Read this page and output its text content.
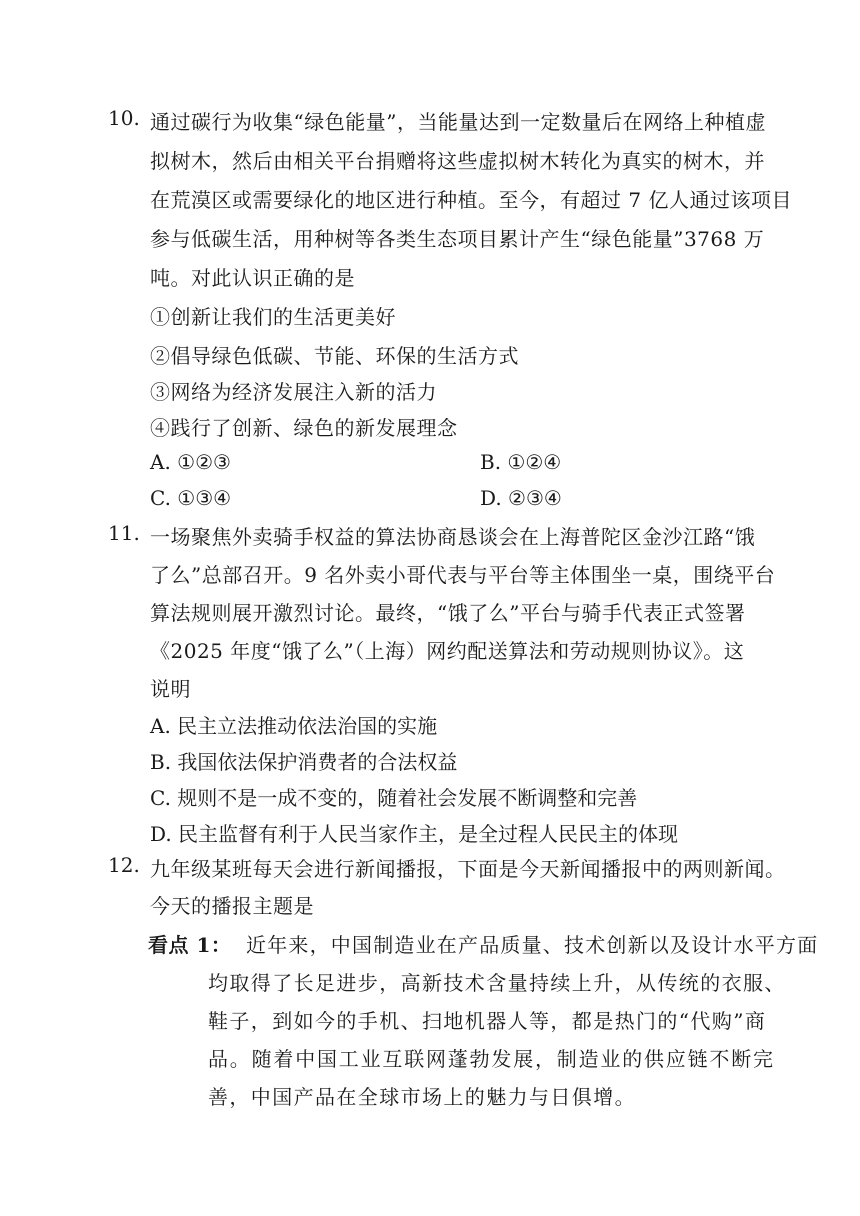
10. 通过碳行为收集“绿色能量”，当能量达到一定数量后在网络上种植虚
拟树木，然后由相关平台捐赠将这些虚拟树木转化为真实的树木，并
在荒漠区或需要绿化的地区进行种植。至今，有超过 7 亿人通过该项目
参与低碳生活，用种树等各类生态项目累计产生“绿色能量”3768 万
吨。对此认识正确的是
①创新让我们的生活更美好
②倡导绿色低碳、节能、环保的生活方式
③网络为经济发展注入新的活力
④践行了创新、绿色的新发展理念
A. ①②③	B. ①②④
C. ①③④	D. ②③④
11. 一场聚焦外卖骑手权益的算法协商恳谈会在上海普陀区金沙江路“饿
了么”总部召开。9 名外卖小哥代表与平台等主体围坐一桌，围绕平台
算法规则展开激烈讨论。最终，“饿了么”平台与骑手代表正式签署
《2025 年度“饿了么”（上海）网约配送算法和劳动规则协议》。这
说明
A. 民主立法推动依法治国的实施
B. 我国依法保护消费者的合法权益
C. 规则不是一成不变的，随着社会发展不断调整和完善
D. 民主监督有利于人民当家作主，是全过程人民民主的体现
12. 九年级某班每天会进行新闻播报，下面是今天新闻播报中的两则新闻。
今天的播报主题是
看点 1： 近年来，中国制造业在产品质量、技术创新以及设计水平方面
均取得了长足进步，高新技术含量持续上升，从传统的衣服、
鞋子，到如今的手机、扫地机器人等，都是热门的“代购”商
品。随着中国工业互联网蓬勃发展，制造业的供应链不断完
善，中国产品在全球市场上的魅力与日俱增。
